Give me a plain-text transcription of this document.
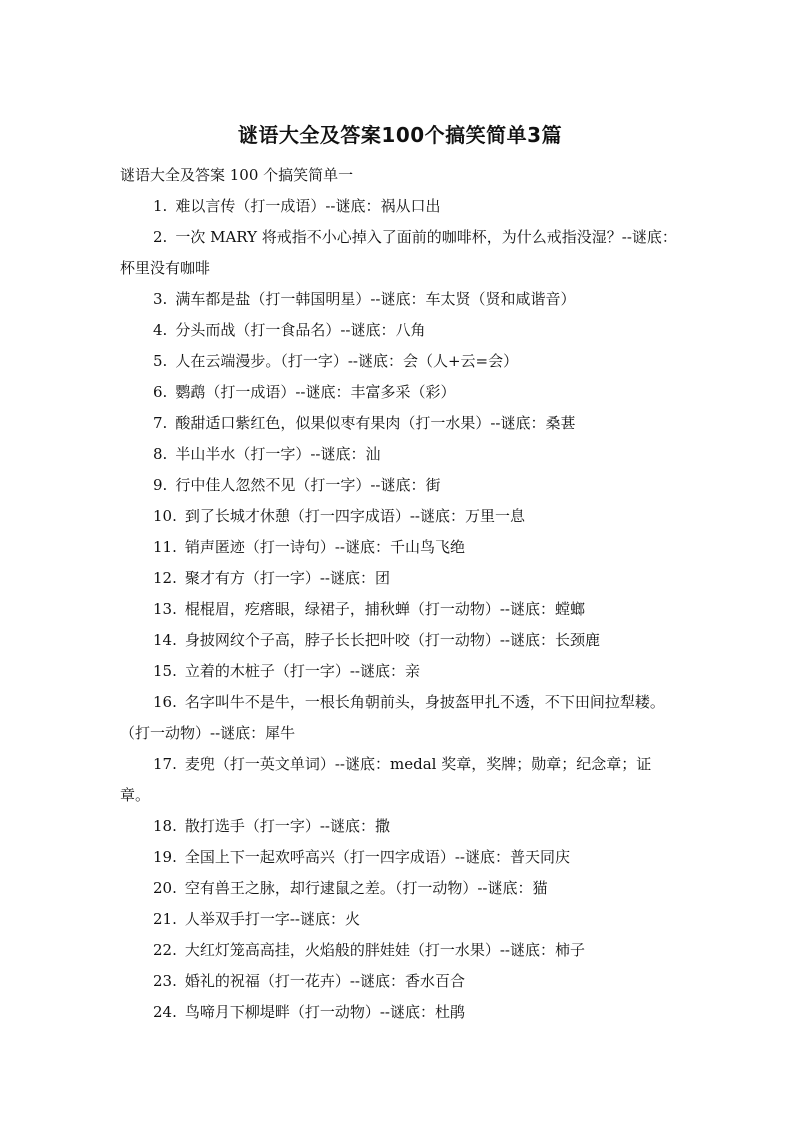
谜语大全及答案100个搞笑简单3篇

谜语大全及答案 100 个搞笑简单一

1. 难以言传（打一成语）--谜底：祸从口出
2. 一次 MARY 将戒指不小心掉入了面前的咖啡杯，为什么戒指没湿？--谜底：杯里没有咖啡
3. 满车都是盐（打一韩国明星）--谜底：车太贤（贤和咸谐音）
4. 分头而战（打一食品名）--谜底：八角
5. 人在云端漫步。（打一字）--谜底：会（人+云=会）
6. 鹦鹉（打一成语）--谜底：丰富多采（彩）
7. 酸甜适口紫红色，似果似枣有果肉（打一水果）--谜底：桑葚
8. 半山半水（打一字）--谜底：汕
9. 行中佳人忽然不见（打一字）--谜底：街
10. 到了长城才休憩（打一四字成语）--谜底：万里一息
11. 销声匿迹（打一诗句）--谜底：千山鸟飞绝
12. 聚才有方（打一字）--谜底：团
13. 棍棍眉，疙瘩眼，绿裙子，捕秋蝉（打一动物）--谜底：螳螂
14. 身披网纹个子高，脖子长长把叶咬（打一动物）--谜底：长颈鹿
15. 立着的木桩子（打一字）--谜底：亲
16. 名字叫牛不是牛，一根长角朝前头，身披盔甲扎不透，不下田间拉犁耧。（打一动物）--谜底：犀牛
17. 麦兜（打一英文单词）--谜底：medal 奖章，奖牌；勋章；纪念章；证章。
18. 散打选手（打一字）--谜底：撒
19. 全国上下一起欢呼高兴（打一四字成语）--谜底：普天同庆
20. 空有兽王之脉，却行逮鼠之差。（打一动物）--谜底：猫
21. 人举双手打一字--谜底：火
22. 大红灯笼高高挂，火焰般的胖娃娃（打一水果）--谜底：柿子
23. 婚礼的祝福（打一花卉）--谜底：香水百合
24. 鸟啼月下柳堤畔（打一动物）--谜底：杜鹃
